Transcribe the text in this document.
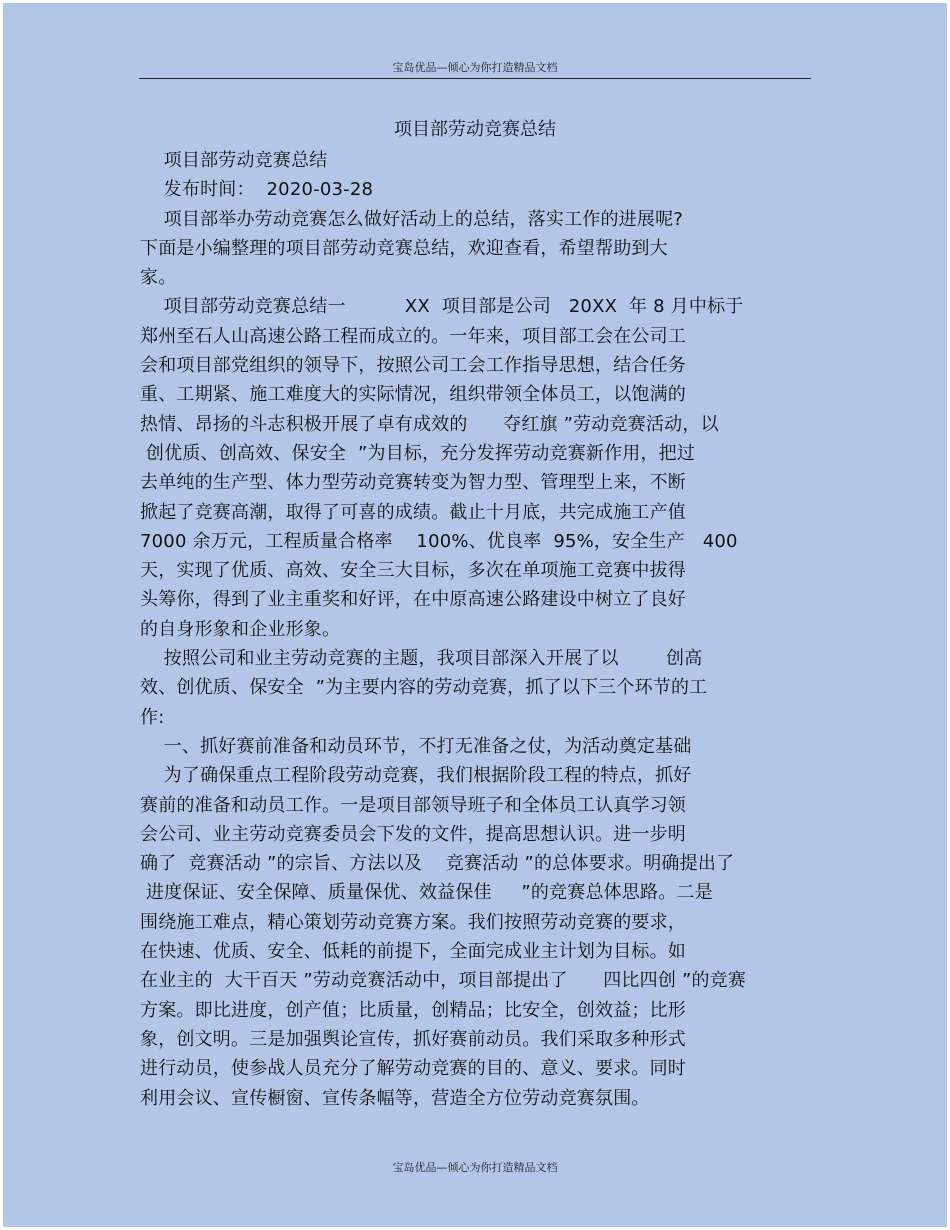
宝岛优品—倾心为你打造精品文档
项目部劳动竞赛总结
项目部劳动竞赛总结
发布时间：  2020-03-28
项目部举办劳动竞赛怎么做好活动上的总结，落实工作的进展呢?
下面是小编整理的项目部劳动竞赛总结，欢迎查看，希望帮助到大
家。
项目部劳动竞赛总结一          XX  项目部是公司   20XX  年 8 月中标于
郑州至石人山高速公路工程而成立的。一年来，项目部工会在公司工
会和项目部党组织的领导下，按照公司工会工作指导思想，结合任务
重、工期紧、施工难度大的实际情况，组织带领全体员工，以饱满的
热情、昂扬的斗志积极开展了卓有成效的      夺红旗 ”劳动竞赛活动，以
创优质、创高效、保安全  ”为目标，充分发挥劳动竞赛新作用，把过
去单纯的生产型、体力型劳动竞赛转变为智力型、管理型上来，不断
掀起了竞赛高潮，取得了可喜的成绩。截止十月底，共完成施工产值
7000 余万元，工程质量合格率    100%、优良率  95%，安全生产   400
天，实现了优质、高效、安全三大目标，多次在单项施工竞赛中拔得
头筹你，得到了业主重奖和好评，在中原高速公路建设中树立了良好
的自身形象和企业形象。
按照公司和业主劳动竞赛的主题，我项目部深入开展了以        创高
效、创优质、保安全  ”为主要内容的劳动竞赛，抓了以下三个环节的工
作:
一、抓好赛前准备和动员环节，不打无准备之仗，为活动奠定基础
为了确保重点工程阶段劳动竞赛，我们根据阶段工程的特点，抓好
赛前的准备和动员工作。一是项目部领导班子和全体员工认真学习领
会公司、业主劳动竞赛委员会下发的文件，提高思想认识。进一步明
确了  竞赛活动 ”的宗旨、方法以及    竞赛活动 ”的总体要求。明确提出了
进度保证、安全保障、质量保优、效益保佳     ”的竞赛总体思路。二是
围绕施工难点，精心策划劳动竞赛方案。我们按照劳动竞赛的要求，
在快速、优质、安全、低耗的前提下，全面完成业主计划为目标。如
在业主的  大干百天 ”劳动竞赛活动中，项目部提出了      四比四创 ”的竞赛
方案。即比进度，创产值；比质量，创精品；比安全，创效益；比形
象，创文明。三是加强舆论宣传，抓好赛前动员。我们采取多种形式
进行动员，使参战人员充分了解劳动竞赛的目的、意义、要求。同时
利用会议、宣传橱窗、宣传条幅等，营造全方位劳动竞赛氛围。
宝岛优品—倾心为你打造精品文档
